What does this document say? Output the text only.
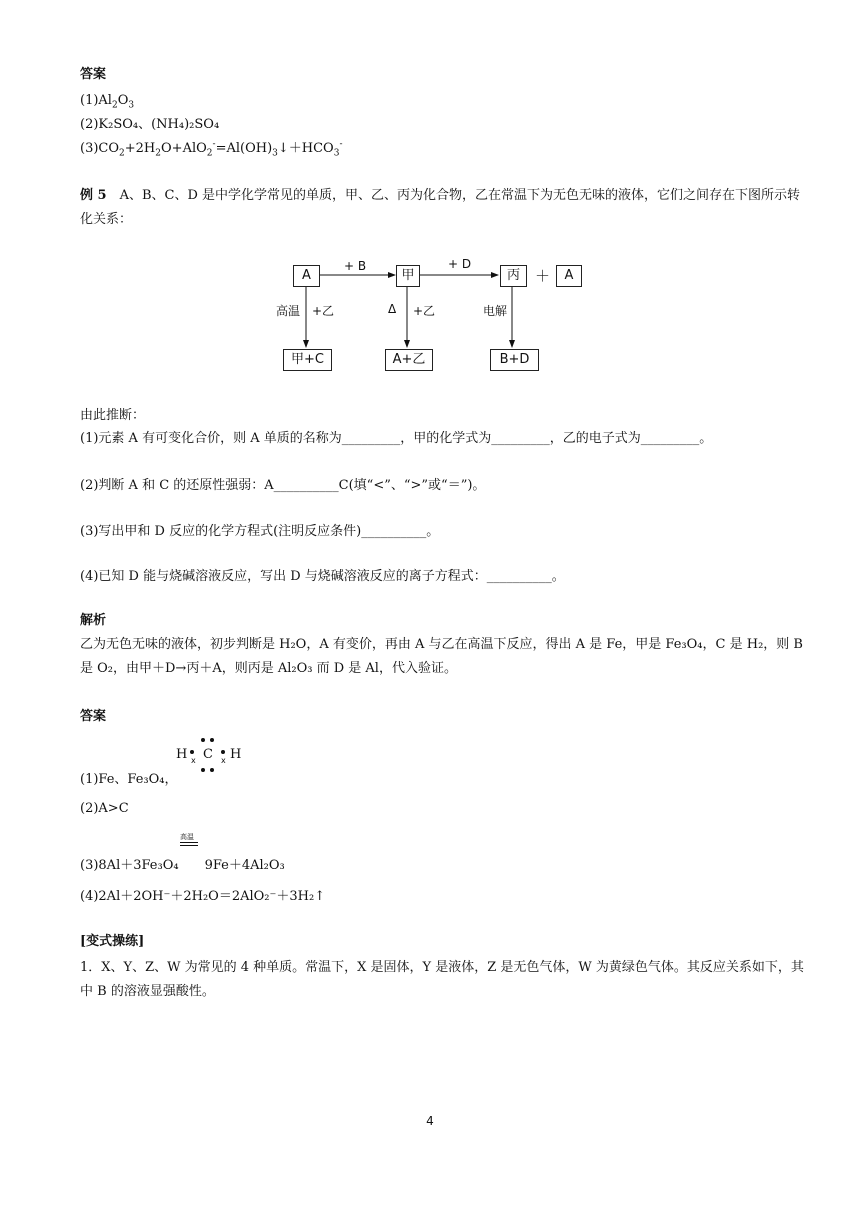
答案
$(1)Al_2O_3$
(2)K₂SO₄、(NH₄)₂SO₄
$(3)CO_2+2H_2O+AlO_2^-=Al(OH)_3↓+HCO_3^-$
例 5　 A、B、C、D 是中学化学常见的单质，甲、乙、丙为化合物，乙在常温下为无色无味的液体，它们之间存在下图所示转化关系：
A	甲	丙	＋	A
+ B	+ D
高温 +乙	Δ +乙	电解
甲+C	A+乙	B+D
由此推断：
(1)元素 A 有可变化合价，则 A 单质的名称为_________，甲的化学式为_________，乙的电子式为_________。
(2)判断 A 和 C 的还原性强弱：A__________C(填“<”、“>”或“＝”)。
(3)写出甲和 D 反应的化学方程式(注明反应条件)__________。
(4)已知 D 能与烧碱溶液反应，写出 D 与烧碱溶液反应的离子方程式：__________。
解析
乙为无色无味的液体，初步判断是 H₂O，A 有变价，再由 A 与乙在高温下反应，得出 A 是 Fe，甲是 Fe₃O₄，C 是 H₂，则 B 是 O₂，由甲＋D→丙＋A，则丙是 Al₂O₃ 而 D 是 Al，代入验证。
答案
H C H
x	x
(1)Fe、Fe₃O₄，
(2)A>C
高温
(3)8Al＋3Fe₃O₄　　9Fe＋4Al₂O₃
(4)2Al＋2OH⁻＋2H₂O＝2AlO₂⁻＋3H₂↑
[变式操练]
1．X、Y、Z、W 为常见的 4 种单质。常温下，X 是固体，Y 是液体，Z 是无色气体，W 为黄绿色气体。其反应关系如下，其中 B 的溶液显强酸性。
4
